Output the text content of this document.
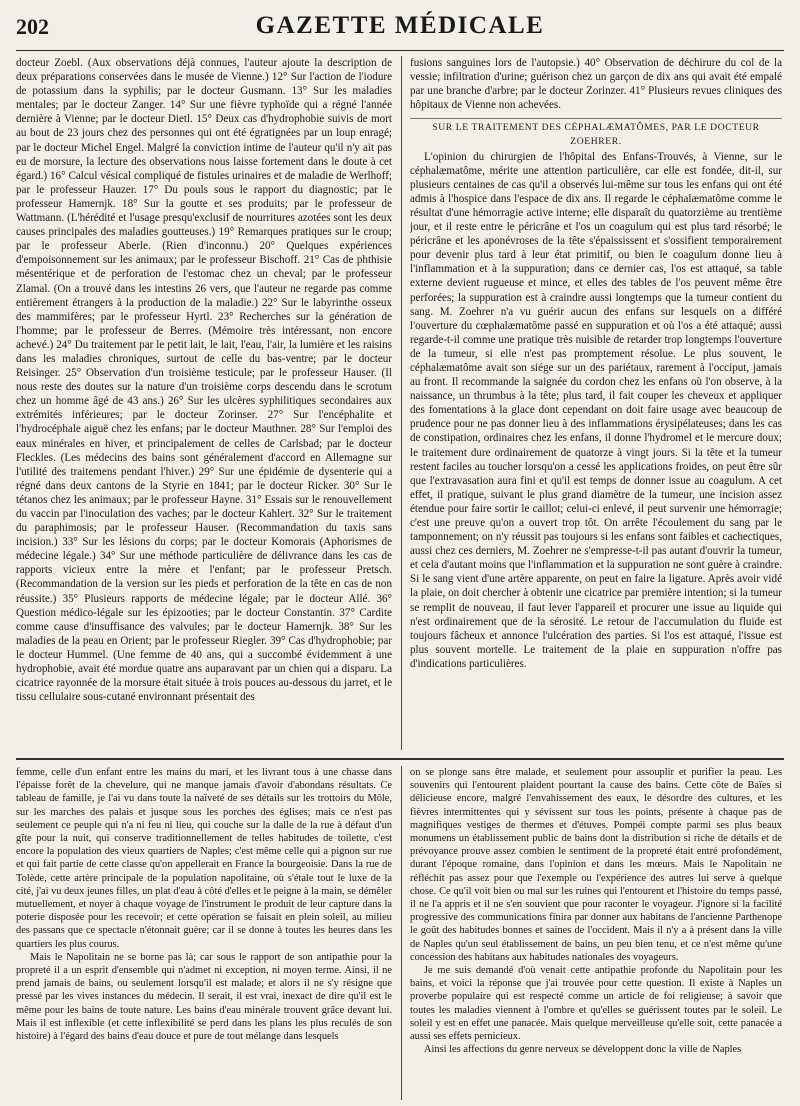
202	GAZETTE MÉDICALE

docteur Zoebl. (Aux observations déjà connues, l'auteur ajoute la description de deux préparations conservées dans le musée de Vienne.) 12° Sur l'action de l'iodure de potassium dans la syphilis; par le docteur Gusmann. 13° Sur les maladies mentales; par le docteur Zanger. 14° Sur une fièvre typhoïde qui a régné l'année dernière à Vienne; par le docteur Dietl. 15° Deux cas d'hydrophobie suivis de mort au bout de 23 jours chez des personnes qui ont été égratignées par un loup enragé; par le docteur Michel Engel. Malgré la conviction intime de l'auteur qu'il n'y ait pas eu de morsure, la lecture des observations nous laisse fortement dans le doute à cet égard.) 16° Calcul vésical compliqué de fistules urinaires et de maladie de Werlhoff; par le professeur Hauzer. 17° Du pouls sous le rapport du diagnostic; par le professeur Hamernjk. 18° Sur la goutte et ses produits; par le professeur de Wattmann. (L'hérédité et l'usage presqu'exclusif de nourritures azotées sont les deux causes principales des maladies goutteuses.) 19° Remarques pratiques sur le croup; par le professeur Aberle. (Rien d'inconnu.) 20° Quelques expériences d'empoisonnement sur les animaux; par le professeur Bischoff. 21° Cas de phthisie mésentérique et de perforation de l'estomac chez un cheval; par le professeur Zlamal. (On a trouvé dans les intestins 26 vers, que l'auteur ne regarde pas comme entièrement étrangers à la production de la maladie.) 22° Sur le labyrinthe osseux des mammifères; par le professeur Hyrtl. 23° Recherches sur la génération de l'homme; par le professeur de Berres. (Mémoire très intéressant, non encore achevé.) 24° Du traitement par le petit lait, le lait, l'eau, l'air, la lumière et les raisins dans les maladies chroniques, surtout de celle du bas-ventre; par le docteur Reisinger. 25° Observation d'un troisième testicule; par le professeur Hauser. (Il nous reste des doutes sur la nature d'un troisième corps descendu dans le scrotum chez un homme âgé de 43 ans.) 26° Sur les ulcères syphilitiques secondaires aux extrémités inférieures; par le docteur Zorinser. 27° Sur l'encéphalite et l'hydrocéphale aiguë chez les enfans; par le docteur Mauthner. 28° Sur l'emploi des eaux minérales en hiver, et principalement de celles de Carlsbad; par le docteur Fleckles. (Les médecins des bains sont généralement d'accord en Allemagne sur l'utilité des traitemens pendant l'hiver.) 29° Sur une épidémie de dysenterie qui a régné dans deux cantons de la Styrie en 1841; par le docteur Ricker. 30° Sur le tétanos chez les animaux; par le professeur Hayne. 31° Essais sur le renouvellement du vaccin par l'inoculation des vaches; par le docteur Kahlert. 32° Sur le traitement du paraphimosis; par le professeur Hauser. (Recommandation du taxis sans incision.) 33° Sur les lésions du corps; par le docteur Komorais (Aphorismes de médecine légale.) 34° Sur une méthode particulière de délivrance dans les cas de rapports vicieux entre la mère et l'enfant; par le professeur Pretsch. (Recommandation de la version sur les pieds et perforation de la tête en cas de non réussite.) 35° Plusieurs rapports de médecine légale; par le docteur Allé. 36° Question médico-légale sur les épizooties; par le docteur Constantin. 37° Cardite comme cause d'insuffisance des valvules; par le docteur Hamernjk. 38° Sur les maladies de la peau en Orient; par le professeur Riegler. 39° Cas d'hydrophobie; par le docteur Hummel. (Une femme de 40 ans, qui a succombé évidemment à une hydrophobie, avait été mordue quatre ans auparavant par un chien qui a disparu. La cicatrice rayonnée de la morsure était située à trois pouces au-dessous du jarret, et le tissu cellulaire sous-cutané environnant présentait des

fusions sanguines lors de l'autopsie.) 40° Observation de déchirure du col de la vessie; infiltration d'urine; guérison chez un garçon de dix ans qui avait été empalé par une branche d'arbre; par le docteur Zorinzer. 41° Plusieurs revues cliniques des hôpitaux de Vienne non achevées.

SUR LE TRAITEMENT DES CÉPHALÆMATÔMES, PAR LE DOCTEUR ZOEHRER.

L'opinion du chirurgien de l'hôpital des Enfans-Trouvés, à Vienne, sur le céphalæmatôme, mérite une attention particulière, car elle est fondée, dit-il, sur plusieurs centaines de cas qu'il a observés lui-même sur tous les enfans qui ont été admis à l'hospice dans l'espace de dix ans. Il regarde le céphalæmatôme comme le résultat d'une hémorragie active interne; elle disparaît du quatorzième au trentième jour, et il reste entre le péricrâne et l'os un coagulum qui est plus tard résorbé; le péricrâne et les aponévroses de la tête s'épaississent et s'ossifient temporairement pour devenir plus tard à leur état primitif, ou bien le coagulum donne lieu à l'inflammation et à la suppuration; dans ce dernier cas, l'os est attaqué, sa table externe devient rugueuse et mince, et elles des tables de l'os peuvent même être perforées; la suppuration est à craindre aussi longtemps que la tumeur contient du sang. M. Zoehrer n'a vu guérir aucun des enfans sur lesquels on a différé l'ouverture du cœphalæmatôme passé en suppuration et où l'os a été attaqué; aussi regarde-t-il comme une pratique très nuisible de retarder trop longtemps l'ouverture de la tumeur, si elle n'est pas promptement résolue. Le plus souvent, le céphalæmatôme avait son siége sur un des pariétaux, rarement à l'occiput, jamais au front. Il recommande la saignée du cordon chez les enfans où l'on observe, à la naissance, un thrumbus à la tête; plus tard, il fait couper les cheveux et appliquer des fomentations à la glace dont cependant on doit faire usage avec beaucoup de prudence pour ne pas donner lieu à des inflammations érysipélateuses; dans les cas de constipation, ordinaires chez les enfans, il donne l'hydromel et le mercure doux; le traitement dure ordinairement de quatorze à vingt jours. Si la tête et la tumeur restent faciles au toucher lorsqu'on a cessé les applications froides, on peut être sûr que l'extravasation aura fini et qu'il est temps de donner issue au coagulum. A cet effet, il pratique, suivant le plus grand diamètre de la tumeur, une incision assez étendue pour faire sortir le caillot; celui-ci enlevé, il peut survenir une hémorragie; c'est une preuve qu'on a ouvert trop tôt. On arrête l'écoulement du sang par le tamponnement; on n'y réussit pas toujours si les enfans sont faibles et cachectiques, aussi chez ces derniers, M. Zoehrer ne s'empresse-t-il pas autant d'ouvrir la tumeur, et cela d'autant moins que l'inflammation et la suppuration ne sont guère à craindre. Si le sang vient d'une artère apparente, on peut en faire la ligature. Après avoir vidé la plaie, on doit chercher à obtenir une cicatrice par première intention; si la tumeur se remplit de nouveau, il faut lever l'appareil et procurer une issue au liquide qui n'est ordinairement que de la sérosité. Le retour de l'accumulation du fluide est toujours fâcheux et annonce l'ulcération des parties. Si l'os est attaqué, l'issue est plus souvent mortelle. Le traitement de la plaie en suppuration n'offre pas d'indications particulières.

femme, celle d'un enfant entre les mains du mari, et les livrant tous à une chasse dans l'épaisse forêt de la chevelure, qui ne manque jamais d'avoir d'abondans résultats. Ce tableau de famille, je l'ai vu dans toute la naïveté de ses détails sur les trottoirs du Môle, sur les marches des palais et jusque sous les porches des églises; mais ce n'est pas seulement ce peuple qui n'a ni feu ni lieu, qui couche sur la dalle de la rue à défaut d'un gîte pour la nuit, qui conserve traditionnellement de telles habitudes de toilette, c'est encore la population des vieux quartiers de Naples; c'est même celle qui a pignon sur rue et qui fait partie de cette classe qu'on appellerait en France la bourgeoisie. Dans la rue de Tolède, cette artère principale de la population napolitaine, où s'étale tout le luxe de la cité, j'ai vu deux jeunes filles, un plat d'eau à côté d'elles et le peigne à la main, se démêler mutuellement, et noyer à chaque voyage de l'instrument le produit de leur capture dans la poterie disposée pour les recevoir; et cette opération se faisait en plein soleil, au milieu des passans que ce spectacle n'étonnait guère; car il se donne à toutes les heures dans les quartiers les plus courus.

Mais le Napolitain ne se borne pas là; car sous le rapport de son antipathie pour la propreté il a un esprit d'ensemble qui n'admet ni exception, ni moyen terme. Ainsi, il ne prend jamais de bains, ou seulement lorsqu'il est malade; et alors il ne s'y résigne que pressé par les vives instances du médecin. Il serait, il est vrai, inexact de dire qu'il est le même pour les bains de toute nature. Les bains d'eau minérale trouvent grâce devant lui. Mais il est inflexible (et cette inflexibilité se perd dans les plans les plus reculés de son histoire) à l'égard des bains d'eau douce et pure de tout mélange dans lesquels

on se plonge sans être malade, et seulement pour assouplir et purifier la peau. Les souvenirs qui l'entourent plaident pourtant la cause des bains. Cette côte de Baïes si délicieuse encore, malgré l'envahissement des eaux, le désordre des cultures, et les fièvres intermittentes qui y sévissent sur tous les points, présente à chaque pas de magnifiques vestiges de thermes et d'étuves. Pompéi compte parmi ses plus beaux monumens un établissement public de bains dont la distribution si riche de détails et de prévoyance prouve assez combien le sentiment de la propreté était entré profondément, durant l'époque romaine, dans l'opinion et dans les mœurs. Mais le Napolitain ne réfléchit pas assez pour que l'exemple ou l'expérience des autres lui serve à quelque chose. Ce qu'il voit bien ou mal sur les ruines qui l'entourent et l'histoire du temps passé, il ne l'a appris et il ne s'en souvient que pour raconter le voyageur. J'ignore si la facilité progressive des communications finira par donner aux habitans de l'ancienne Parthenope le goût des habitudes bonnes et saines de l'occident. Mais il n'y a à présent dans la ville de Naples qu'un seul établissement de bains, un peu bien tenu, et ce n'est même qu'une concession des habitans aux habitudes nationales des voyageurs.

Je me suis demandé d'où venait cette antipathie profonde du Napolitain pour les bains, et voici la réponse que j'ai trouvée pour cette question. Il existe à Naples un proverbe populaire qui est respecté comme un article de foi religieuse; à savoir que toutes les maladies viennent à l'ombre et qu'elles se guérissent toutes par le soleil. Le soleil y est en effet une panacée. Mais quelque merveilleuse qu'elle soit, cette panacée a aussi ses effets pernicieux.

Ainsi les affections du genre nerveux se développent donc la ville de Naples
